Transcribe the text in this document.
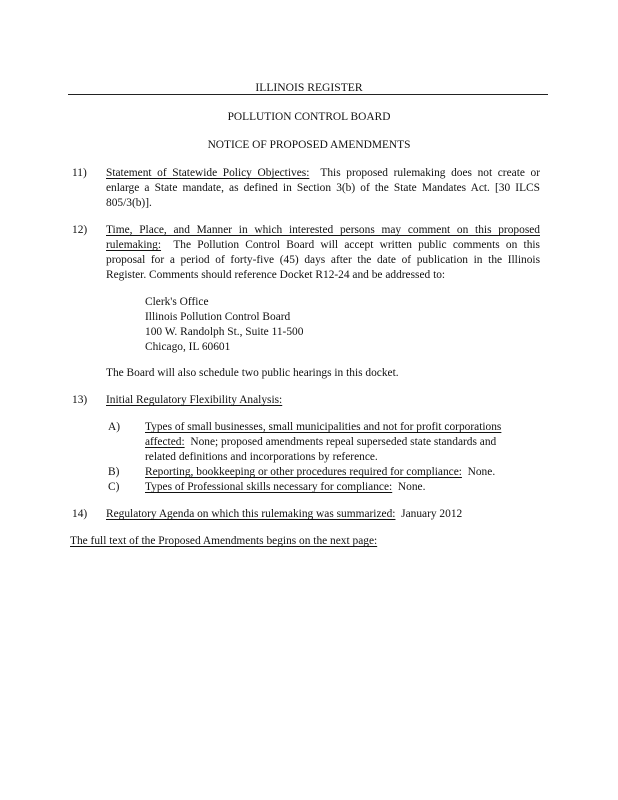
ILLINOIS REGISTER
POLLUTION CONTROL BOARD
NOTICE OF PROPOSED AMENDMENTS
11)	Statement of Statewide Policy Objectives: This proposed rulemaking does not create or
enlarge a State mandate, as defined in Section 3(b) of the State Mandates Act. [30 ILCS
805/3(b)].
12)	Time, Place, and Manner in which interested persons may comment on this proposed
rulemaking: The Pollution Control Board will accept written public comments on this
proposal for a period of forty-five (45) days after the date of publication in the Illinois
Register. Comments should reference Docket R12-24 and be addressed to:
Clerk's Office
Illinois Pollution Control Board
100 W. Randolph St., Suite 11-500
Chicago, IL 60601
The Board will also schedule two public hearings in this docket.
13)	Initial Regulatory Flexibility Analysis:
A)	Types of small businesses, small municipalities and not for profit corporations
affected: None; proposed amendments repeal superseded state standards and
related definitions and incorporations by reference.
B)	Reporting, bookkeeping or other procedures required for compliance: None.
C)	Types of Professional skills necessary for compliance: None.
14)	Regulatory Agenda on which this rulemaking was summarized: January 2012
The full text of the Proposed Amendments begins on the next page:
